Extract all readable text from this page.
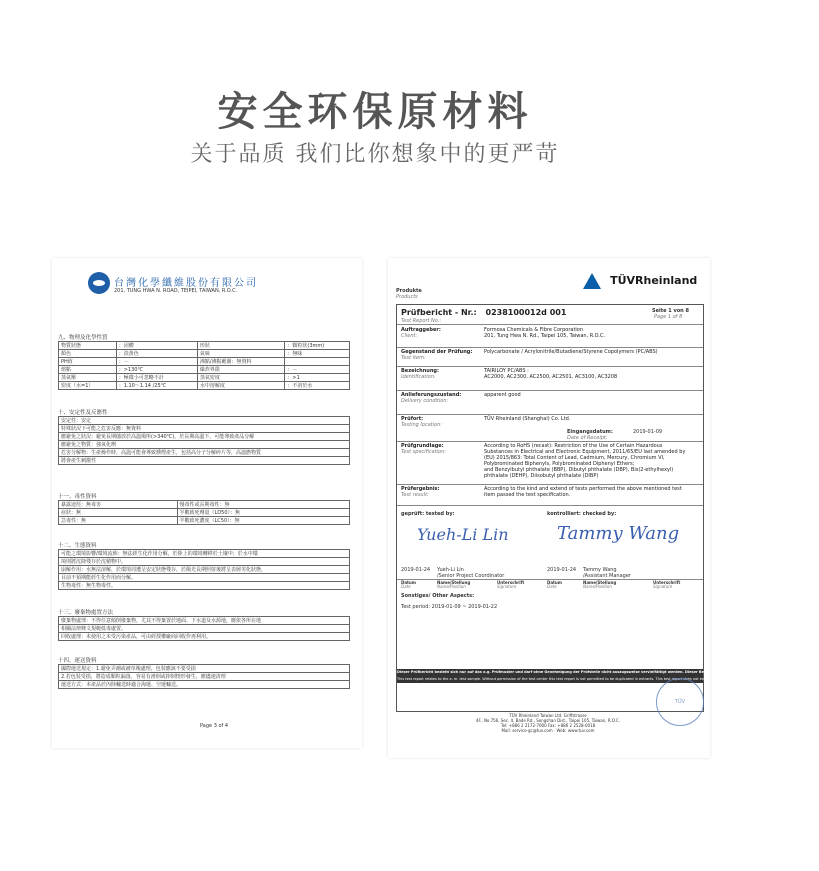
安全环保原材料
关于品质 我们比你想象中的更严苛
台灣化學纖維股份有限公司
201, TUNG HWA N. ROAD, TEIPEI, TAIWAN, R.O.C.
九、物理及化學性質
物質狀態	：固體	形狀	：顆粒狀(3mm)
顏色	：淡黃色	氣味	：無味
PH值	：－	沸點/沸點範圍：無資料	
熔點	：>130℃	爆炸界限	：－
蒸氣壓	：極微小可忽略不計	蒸氣密度	：>1
密度（水=1）	：1.10～1.14 /25℃	水中溶解度	：不溶於水
十、安定性及反應性
安定性：安定
特殊狀況下可能之危害反應：無資料
應避免之狀況：避免長期儲放於高溫場所(>340℃)，於長期高溫下，可能導致產品分解
應避免之物質：強氧化劑
危害分解物：生產操作時，高溫可能會導致燻煙產生，包括高分子分解碎片等，高溫燃物質
將會產生刺激性
十一、毒性資料
暴露途徑：無毒害	慢毒性或長期毒性：無
症狀：無	半數致死劑量（LD50）：無
急毒性：無	半數致死濃度（LC50）：無
十二、生態資料
可能之環境影響/環境流佈：無法經生化作用分解，於陸上的環境轉移於土壤中；於水中環
境則將沈降殘存於沈積物中。
崩解作用：水無法溶解，於環境周遭呈安定狀態殘存，於陽光長期照射後將呈表層劣化狀態，
目前不預期能經生化作用而分解。
生物毒性：無生物毒性。
十三、廢棄物處置方法
廢棄物處理：不得任意傾倒廢棄物，尤其不得棄置於地面、下水道及水源地，應依各所在地
相關法律條文規範低毒處置。
回收處理：未使用之未受污染產品，可由經授權廠商回收作再利用。
十四、運送資料
國際運送規定：1.避免弄潮或被草塊處理，包裝應該不要受損
2.若包裝受損，將造成顆粒漏落，容易有滑倒或摔倒情形發生，應儘速清理
運送方式：本產品於內陸輸送時適合海運、空運輸送。
Page 3 of 4
TÜVRheinland
Produkte
Products
Prüfbericht - Nr.: 0238100012d 001
Test Report No.:
Seite 1 von 8
Page 1 of 8
Auftraggeber:
Client:
Formosa Chemicals & Fibre Corporation
201, Tung Hwa N. Rd., Taipei 105, Taiwan, R.O.C.
Gegenstand der Prüfung:
Test item:
Polycarbonate / Acrylonitrile/Butadiene/Styrene Copolymers (PC/ABS)
Bezeichnung:
Identification:
TAIRILOY PC/ABS :
AC2000, AC2300, AC2500, AC2501, AC3100, AC3208
Anlieferungszustand:
Delivery condition:
apparent good
Prüfort:
Testing location:
TÜV Rheinland (Shanghai) Co. Ltd.
Prüfgrundlage:
Test specification:
According to RoHS (recast): Restriction of the Use of Certain Hazardous
Substances in Electrical and Electronic Equipment, 2011/65/EU last amended by
(EU) 2015/863: Total Content of Lead, Cadmium, Mercury, Chromium VI,
Polybrominated Biphenyls, Polybrominated Diphenyl Ethers;
and Benzylbutyl phthalate (BBP), Dibutyl phthalate (DBP), Bis(2-ethylhexyl)
phthalate (DEHP), Diisobutyl phthalate (DIBP)
Prüfergebnis:
Test result:
According to the kind and extend of tests performed the above mentioned test
item passed the test specification.
Eingangsdatum:
Date of Receipt:
2019-01-09
geprüft: tested by:	kontrolliert: checked by:
Yueh-Li Lin	Tammy Wang
2019-01-24 Yueh-Li Lin
/Senior Project Coordinator
2019-01-24 Tammy Wang
/Assistant Manager
Datum	Name/Stellung	Unterschrift
Date	Name/Position	Signature
Datum	Name/Stellung	Unterschrift
Date	Name/Position	Signature
Sonstiges/ Other Aspects:
Test period: 2019-01-09 ~ 2019-01-22
Dieser Prüfbericht bezieht sich nur auf das o.g. Prüfmuster und darf ohne Genehmigung der Prüfstelle nicht auszugsweise vervielfältigt werden. Dieser Bericht berechtigt nicht zur Verwendung eines Prüfzeichens.
This test report relates to the a. m. test sample. Without permission of the test center this test report is not permitted to be duplicated in extracts. This test report does not entitle to carry any safety mark on this or similar products.
TÜV Rheinland Taiwan Ltd. Griffstrasse
4F., No.756, Sec. 4, Bade Rd., Songshan Dist., Taipei 105, Taiwan, R.O.C.
Tel: +886 2 2172-7000 Fax: +886 2 2528-0018
Mail: service-gc@tuv.com · Web: www.tuv.com
TÜV
